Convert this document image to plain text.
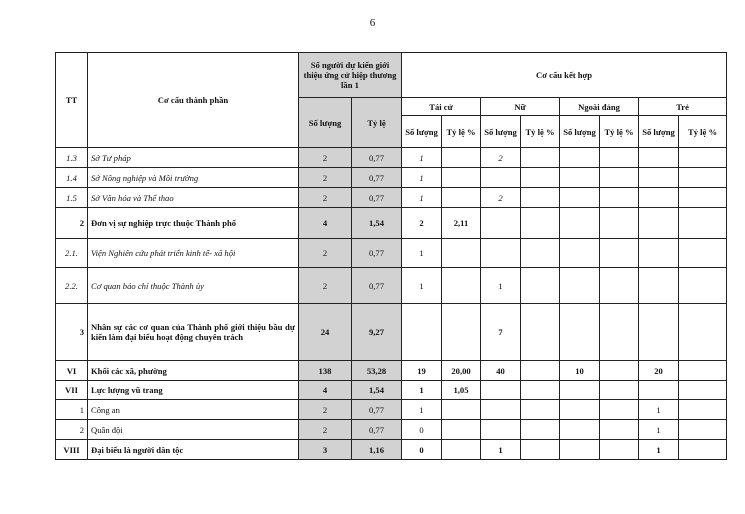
6
TT	Cơ cấu thành phần	Số người dự kiến giới thiệu ứng cử hiệp thương lần 1		Cơ cấu kết hợp							
		Số lượng	Tỷ lệ	Tái cử		Nữ		Ngoài đảng		Trẻ	
				Số lượng	Tỷ lệ %	Số lượng	Tỷ lệ %	Số lượng	Tỷ lệ %	Số lượng	Tỷ lệ %
1.3	Sở Tư pháp	2	0,77	1		2					
1.4	Sở Nông nghiệp và Môi trường	2	0,77	1							
1.5	Sở Văn hóa và Thể thao	2	0,77	1		2					
2	Đơn vị sự nghiệp trực thuộc Thành phố	4	1,54	2	2,11						
2.1.	Viện Nghiên cứu phát triển kinh tế- xã hội	2	0,77	1							
2.2.	Cơ quan báo chí thuộc Thành ủy	2	0,77	1		1					
3	Nhân sự các cơ quan của Thành phố giới thiệu bầu dự kiến làm đại biểu hoạt động chuyên trách	24	9,27			7					
VI	Khối các xã, phường	138	53,28	19	20,00	40		10		20	
VII	Lực lượng vũ trang	4	1,54	1	1,05						
1	Công an	2	0,77	1						1	
2	Quân đội	2	0,77	0						1	
VIII	Đại biểu là người dân tộc	3	1,16	0		1				1	
